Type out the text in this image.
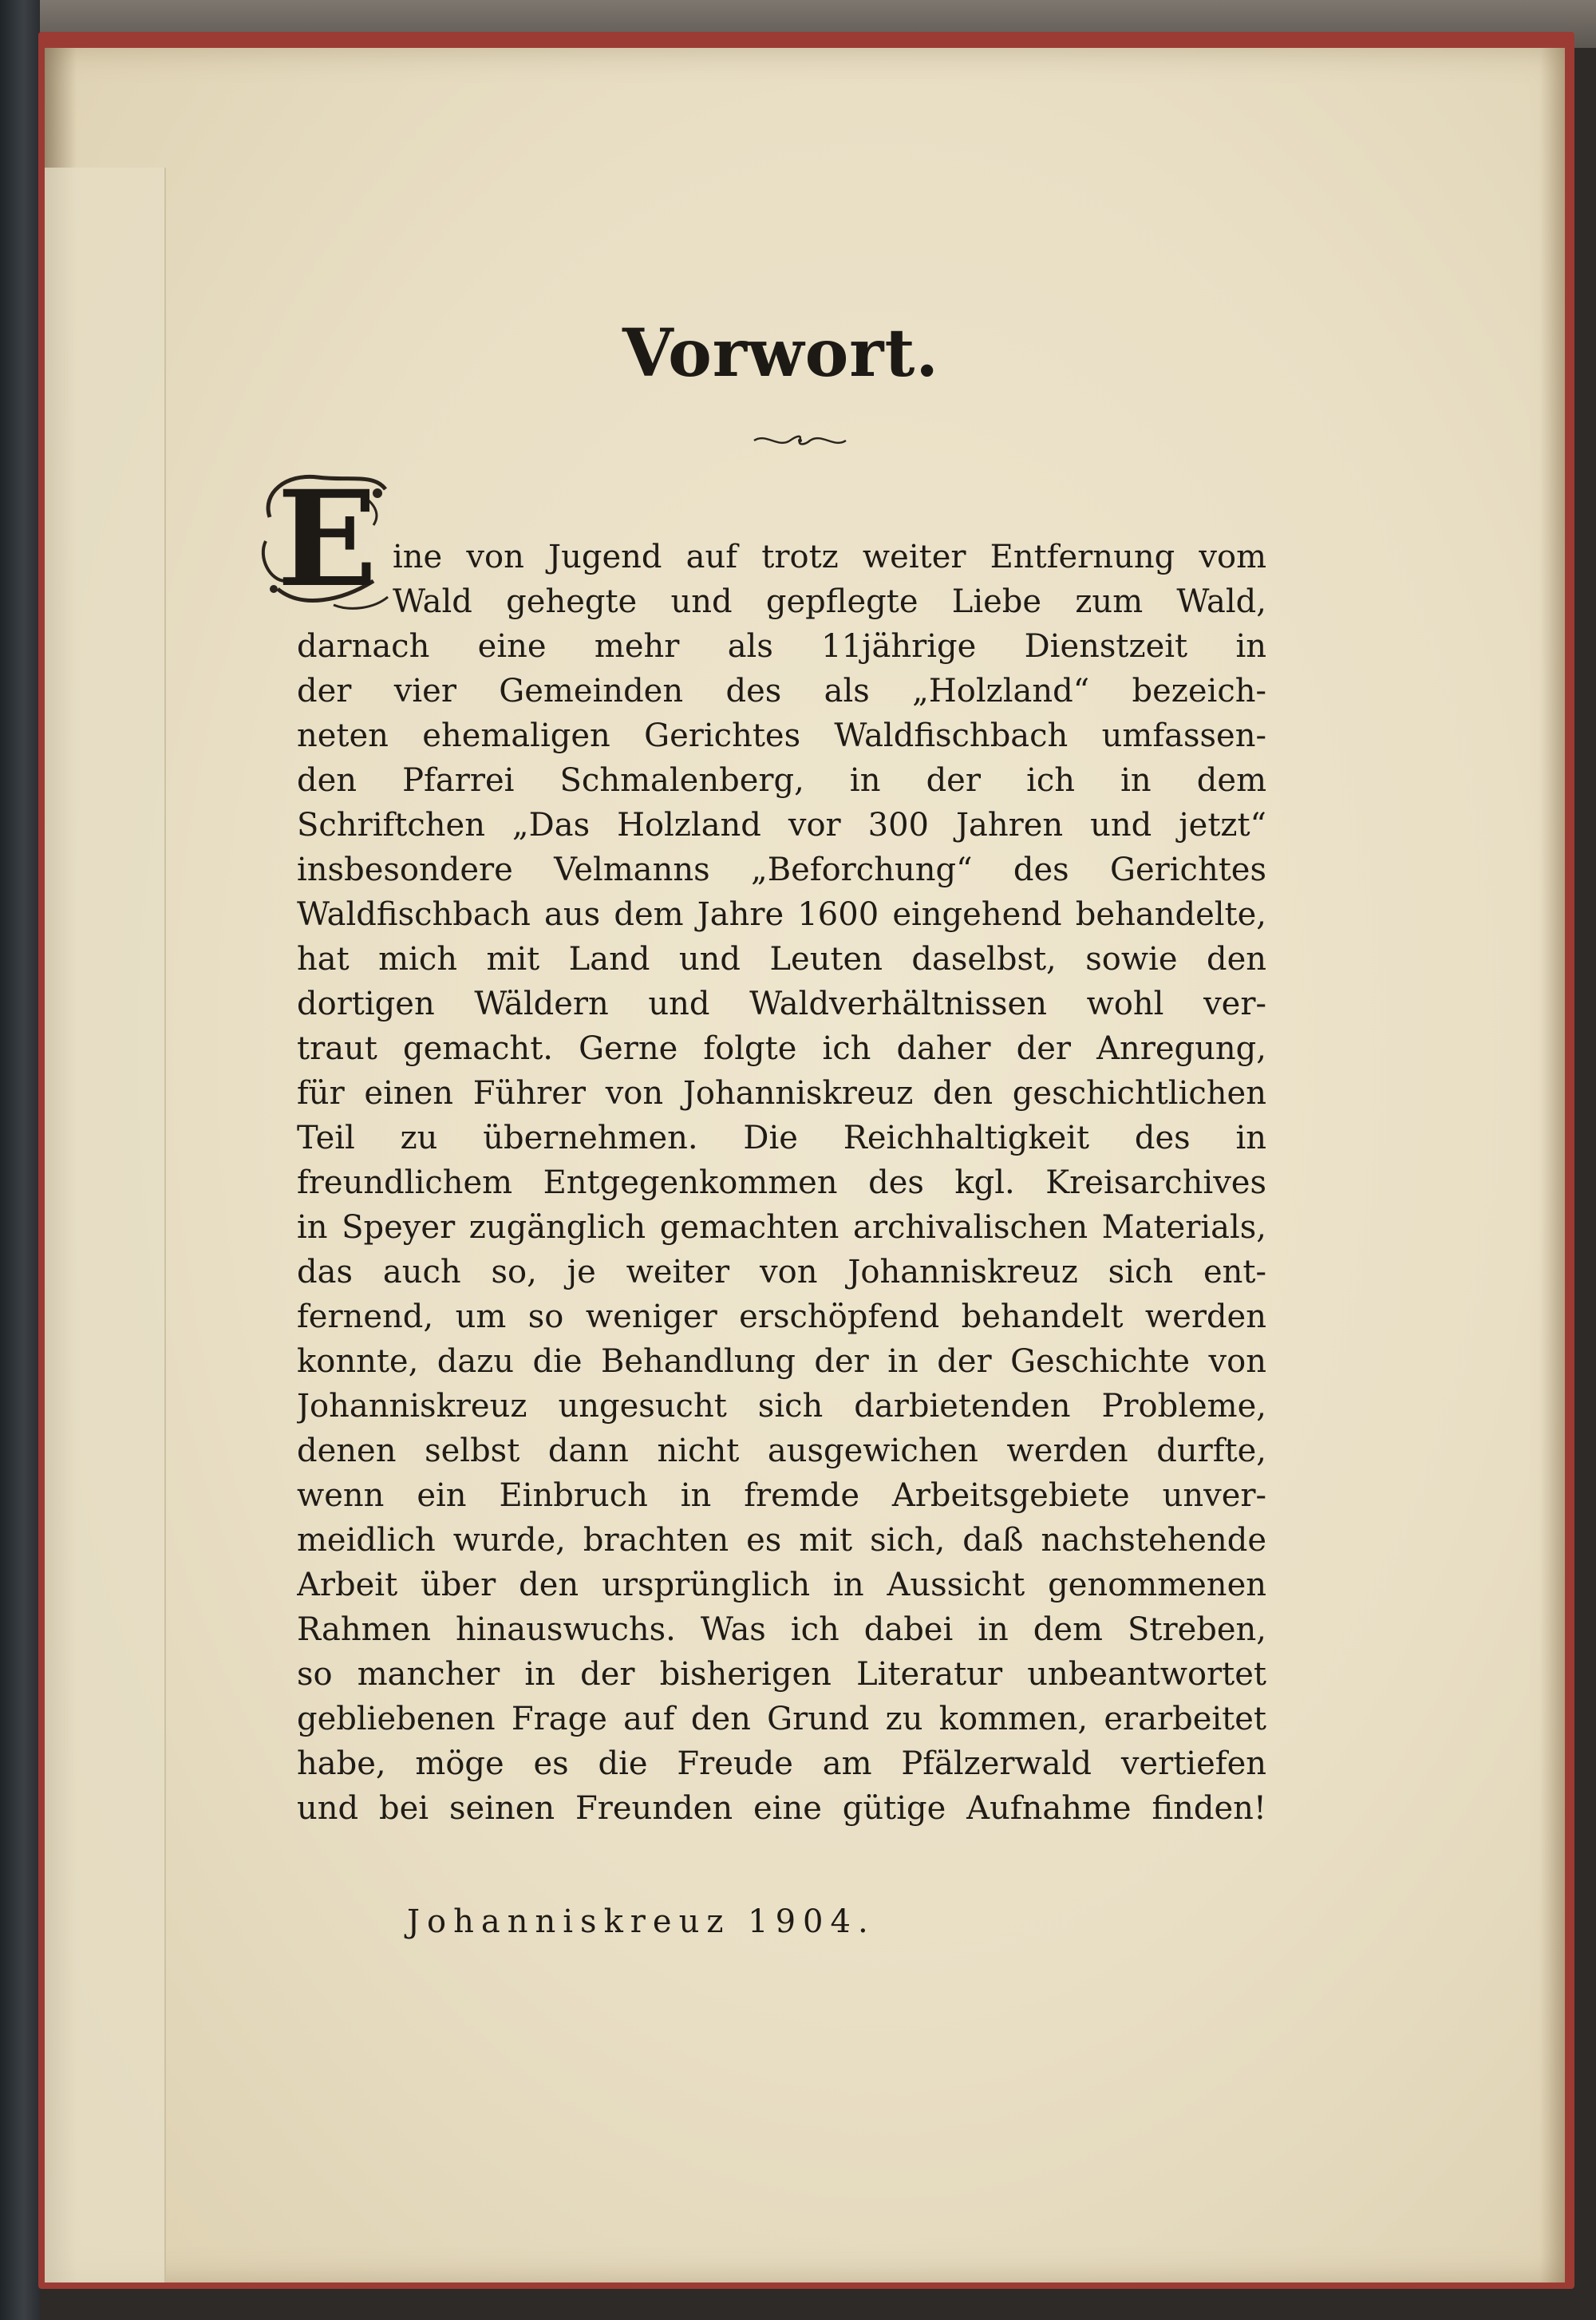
Vorwort.
E ine von Jugend auf trotz weiter Entfernung vom
Wald gehegte und gepflegte Liebe zum Wald,
darnach eine mehr als 11jährige Dienstzeit in
der vier Gemeinden des als „Holzland“ bezeich-
neten ehemaligen Gerichtes Waldfischbach umfassen-
den Pfarrei Schmalenberg, in der ich in dem
Schriftchen „Das Holzland vor 300 Jahren und jetzt“
insbesondere Velmanns „Beforchung“ des Gerichtes
Waldfischbach aus dem Jahre 1600 eingehend behandelte,
hat mich mit Land und Leuten daselbst, sowie den
dortigen Wäldern und Waldverhältnissen wohl ver-
traut gemacht. Gerne folgte ich daher der Anregung,
für einen Führer von Johanniskreuz den geschichtlichen
Teil zu übernehmen. Die Reichhaltigkeit des in
freundlichem Entgegenkommen des kgl. Kreisarchives
in Speyer zugänglich gemachten archivalischen Materials,
das auch so, je weiter von Johanniskreuz sich ent-
fernend, um so weniger erschöpfend behandelt werden
konnte, dazu die Behandlung der in der Geschichte von
Johanniskreuz ungesucht sich darbietenden Probleme,
denen selbst dann nicht ausgewichen werden durfte,
wenn ein Einbruch in fremde Arbeitsgebiete unver-
meidlich wurde, brachten es mit sich, daß nachstehende
Arbeit über den ursprünglich in Aussicht genommenen
Rahmen hinauswuchs. Was ich dabei in dem Streben,
so mancher in der bisherigen Literatur unbeantwortet
gebliebenen Frage auf den Grund zu kommen, erarbeitet
habe, möge es die Freude am Pfälzerwald vertiefen
und bei seinen Freunden eine gütige Aufnahme finden!
Johanniskreuz 1904.
